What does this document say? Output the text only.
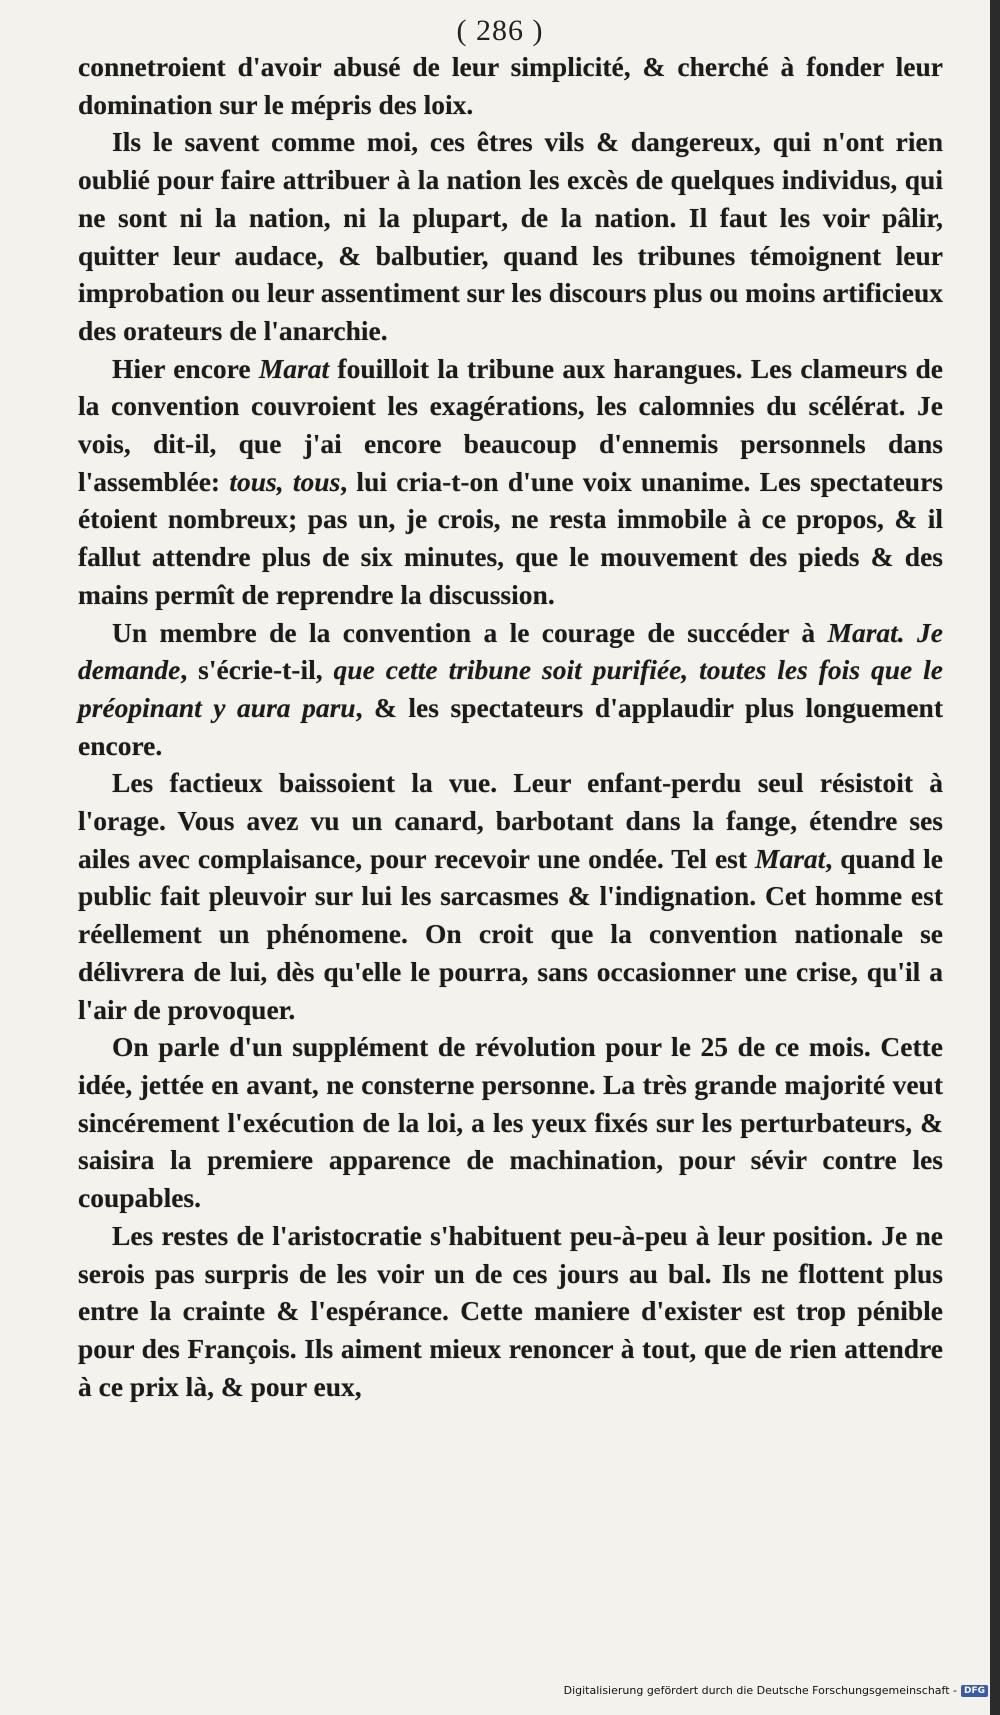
( 286 )

connetroient d'avoir abusé de leur simplicité, & cherché à fonder leur domination sur le mépris des loix.

Ils le savent comme moi, ces êtres vils & dangereux, qui n'ont rien oublié pour faire attribuer à la nation les excès de quelques individus, qui ne sont ni la nation, ni la plupart, de la nation. Il faut les voir pâlir, quitter leur audace, & balbutier, quand les tribunes témoignent leur improbation ou leur assentiment sur les discours plus ou moins artificieux des orateurs de l'anarchie.

Hier encore Marat fouilloit la tribune aux harangues. Les clameurs de la convention couvroient les exagérations, les calomnies du scélérat. Je vois, dit-il, que j'ai encore beaucoup d'ennemis personnels dans l'assemblée: tous, tous, lui cria-t-on d'une voix unanime. Les spectateurs étoient nombreux; pas un, je crois, ne resta immobile à ce propos, & il fallut attendre plus de six minutes, que le mouvement des pieds & des mains permît de reprendre la discussion.

Un membre de la convention a le courage de succéder à Marat. Je demande, s'écrie-t-il, que cette tribune soit purifiée, toutes les fois que le préopinant y aura paru, & les spectateurs d'applaudir plus longuement encore.

Les factieux baissoient la vue. Leur enfant-perdu seul résistoit à l'orage. Vous avez vu un canard, barbotant dans la fange, étendre ses ailes avec complaisance, pour recevoir une ondée. Tel est Marat, quand le public fait pleuvoir sur lui les sarcasmes & l'indignation. Cet homme est réellement un phénomene. On croit que la convention nationale se délivrera de lui, dès qu'elle le pourra, sans occasionner une crise, qu'il a l'air de provoquer.

On parle d'un supplément de révolution pour le 25 de ce mois. Cette idée, jettée en avant, ne consterne personne. La très grande majorité veut sincérement l'exécution de la loi, a les yeux fixés sur les perturbateurs, & saisira la premiere apparence de machination, pour sévir contre les coupables.

Les restes de l'aristocratie s'habituent peu-à-peu à leur position. Je ne serois pas surpris de les voir un de ces jours au bal. Ils ne flottent plus entre la crainte & l'espérance. Cette maniere d'exister est trop pénible pour des François. Ils aiment mieux renoncer à tout, que de rien attendre à ce prix là, & pour eux,

Digitalisierung gefördert durch die Deutsche Forschungsgemeinschaft - DFG
